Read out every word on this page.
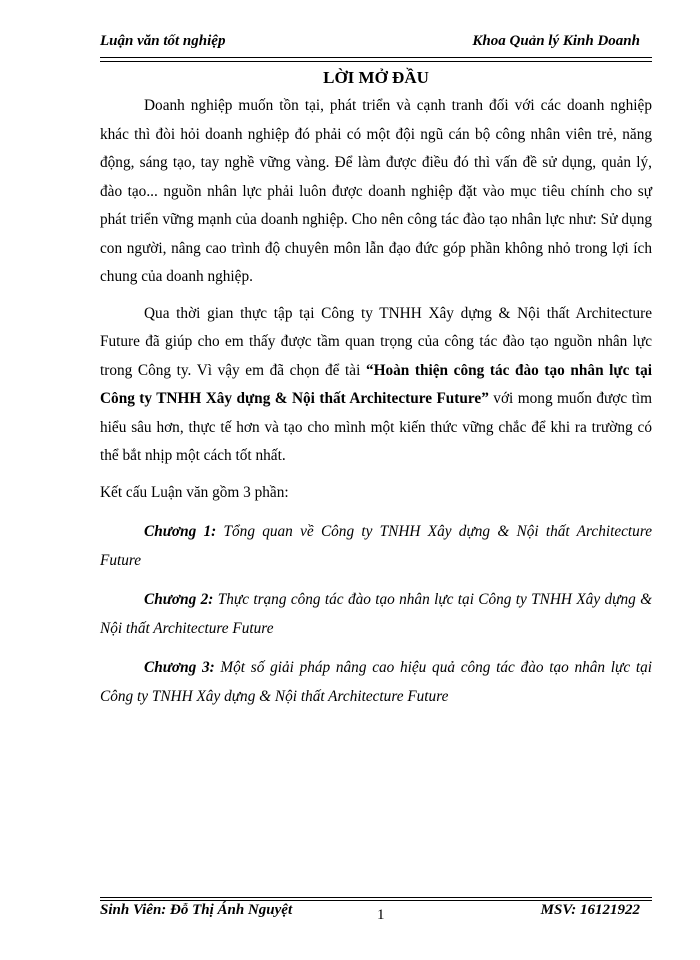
Luận văn tốt nghiệp	Khoa Quản lý Kinh Doanh
LỜI MỞ ĐẦU

Doanh nghiệp muốn tồn tại, phát triển và cạnh tranh đối với các doanh nghiệp khác thì đòi hỏi doanh nghiệp đó phải có một đội ngũ cán bộ công nhân viên trẻ, năng động, sáng tạo, tay nghề vững vàng. Để làm được điều đó thì vấn đề sử dụng, quản lý, đào tạo... nguồn nhân lực phải luôn được doanh nghiệp đặt vào mục tiêu chính cho sự phát triển vững mạnh của doanh nghiệp. Cho nên công tác đào tạo nhân lực như: Sử dụng con người, nâng cao trình độ chuyên môn lẫn đạo đức góp phần không nhỏ trong lợi ích chung của doanh nghiệp.

Qua thời gian thực tập tại Công ty TNHH Xây dựng & Nội thất Architecture Future đã giúp cho em thấy được tầm quan trọng của công tác đào tạo nguồn nhân lực trong Công ty. Vì vậy em đã chọn để tài “Hoàn thiện công tác đào tạo nhân lực tại Công ty TNHH Xây dựng & Nội thất Architecture Future” với mong muốn được tìm hiểu sâu hơn, thực tế hơn và tạo cho mình một kiến thức vững chắc để khi ra trường có thể bắt nhịp một cách tốt nhất.

Kết cấu Luận văn gồm 3 phần:

Chương 1: Tổng quan về Công ty TNHH Xây dựng & Nội thất Architecture Future

Chương 2: Thực trạng công tác đào tạo nhân lực tại Công ty TNHH Xây dựng & Nội thất Architecture Future

Chương 3: Một số giải pháp nâng cao hiệu quả công tác đào tạo nhân lực tại Công ty TNHH Xây dựng & Nội thất Architecture Future

Sinh Viên: Đỗ Thị Ánh Nguyệt	MSV: 16121922
1
